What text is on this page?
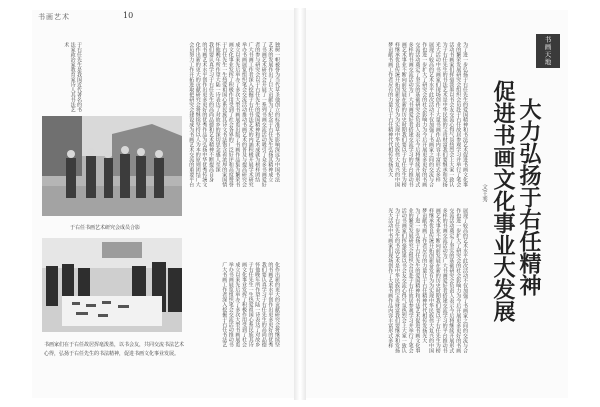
书画艺术	10
独树一帜被誉为当代草圣他创立的标准草书影响深远为中国书法
艺术的发展作出了巨大贡献为了纪念于右任先生弘扬其精神成立
了书画艺术研究会开展了一系列书画交流活动吸引了众多书画爱好
者的参与研究会以于右任先生的爱国精神和艺术成就为榜样团结
广大书画工作者深入挖掘于右任书法艺术的内涵积极开展学术研究
举办书画展览组织笔会交流活动推动书画艺术的普及与提高研究会
成立以来先后举办了多次大型书画展览出版了书画作品集为繁荣书
画文化事业发挥了积极作用受到了社会各界的广泛好评和高度赞誉
于右任先生一生热爱祖国心系民族其诗文书法饱含着浓厚的家国情
怀他晚年所作望大陆一诗表达了对故乡的深切思念感人至深
我们要认真学习于右任先生的高尚品德和艺术精神不断提高自身
的书画艺术水平创作出更多更好的优秀作品为弘扬中华优秀传统文
化作出新的更大的贡献研究会将继续坚持以人为本的原则团结广大
会员努力工作开拓进取把研究会建设成为书画艺术交流的重要平台
化作出新的更大的贡献研究会将继续坚
的书画艺术水平创作出更多更好的优秀
我们要认真学习于右任先生的高尚品德
怀他晚年所作望大陆一诗表达了对故乡
于右任先生一生热爱祖国心系民族其诗
画文化事业发挥了积极作用受到了社会
成立以来先后举办了多次大型书画展览
举办书画展览组织笔会交流活动推动书
广大书画工作者深入挖掘于右任书法艺
于右任先生是我国近代著名的书法家政治家教育家诗人其书法艺术
于右任书画艺术研究会成员合影
书画家们在于右任故居挥毫泼墨，以书会友，共同交流书法艺术
心得，弘扬于右任先生的书法精神，促进书画文化事业发展。
书画天地
大力弘扬于右任精神
促进书画文化事业大发展
文/王秀
为了进一步弘扬于右任先生的爱国精神和书法艺术促进书画文化事
展现了较高的艺术水平此次活动不仅加强了书画家之间的交流与合
业的繁荣发展研究会组织会员赴于右任故居参观学习并举行了笔会
作也进一步扩大了研究会的社会影响力为今后开展更多更好的书画
活动书画家们挥毫泼墨以书会友交流心得气氛热烈会上大家一致认
交流活动奠定了坚实的基础研究会负责人表示今后将继续开展形式
为于右任先生的书法艺术是中华民族的宝贵财富我们要继承和发扬
多样的书画交流活动为广大书画爱好者搭建交流学习的平台推动书
光大活动中书画家们现场创作了大量书画作品内容丰富形式多样
画艺术事业不断向前发展在新的历史时期我们要以于右任先生为榜
展现了较高的艺术水平此次活动不仅加强了书画家之间的交流与合
样继承优良传统开拓创新奋发有为为实现中华民族伟大复兴的中国
作也进一步扩大了研究会的社会影响力为今后开展更多更好的书画
梦贡献书画工作者应有的力量让于右任精神代代相传发扬光大
交流活动奠定了坚实的基础研究会负责人表示今后将继续开展形式
为了进一步弘扬于右任先生的爱国精神和书法艺术促进书画文化事
多样的书画交流活动为广大书画爱好者搭建交流学习的平台推动书
业的繁荣发展研究会组织会员赴于右任故居参观学习并举行了笔会
画艺术事业不断向前发展在新的历史时期我们要以于右任先生为榜
活动书画家们挥毫泼墨以书会友交流心得气氛热烈会上大家一致认
样继承优良传统开拓创新奋发有为为实现中华民族伟大复兴的中国
为于右任先生的书法艺术是中华民族的宝贵财富我们要继承和发扬
梦贡献书画工作者应有的力量让于右任精神代代相传发扬光大
光大活动中书画家们现场创作了大量书画作品内容丰富形式多样
